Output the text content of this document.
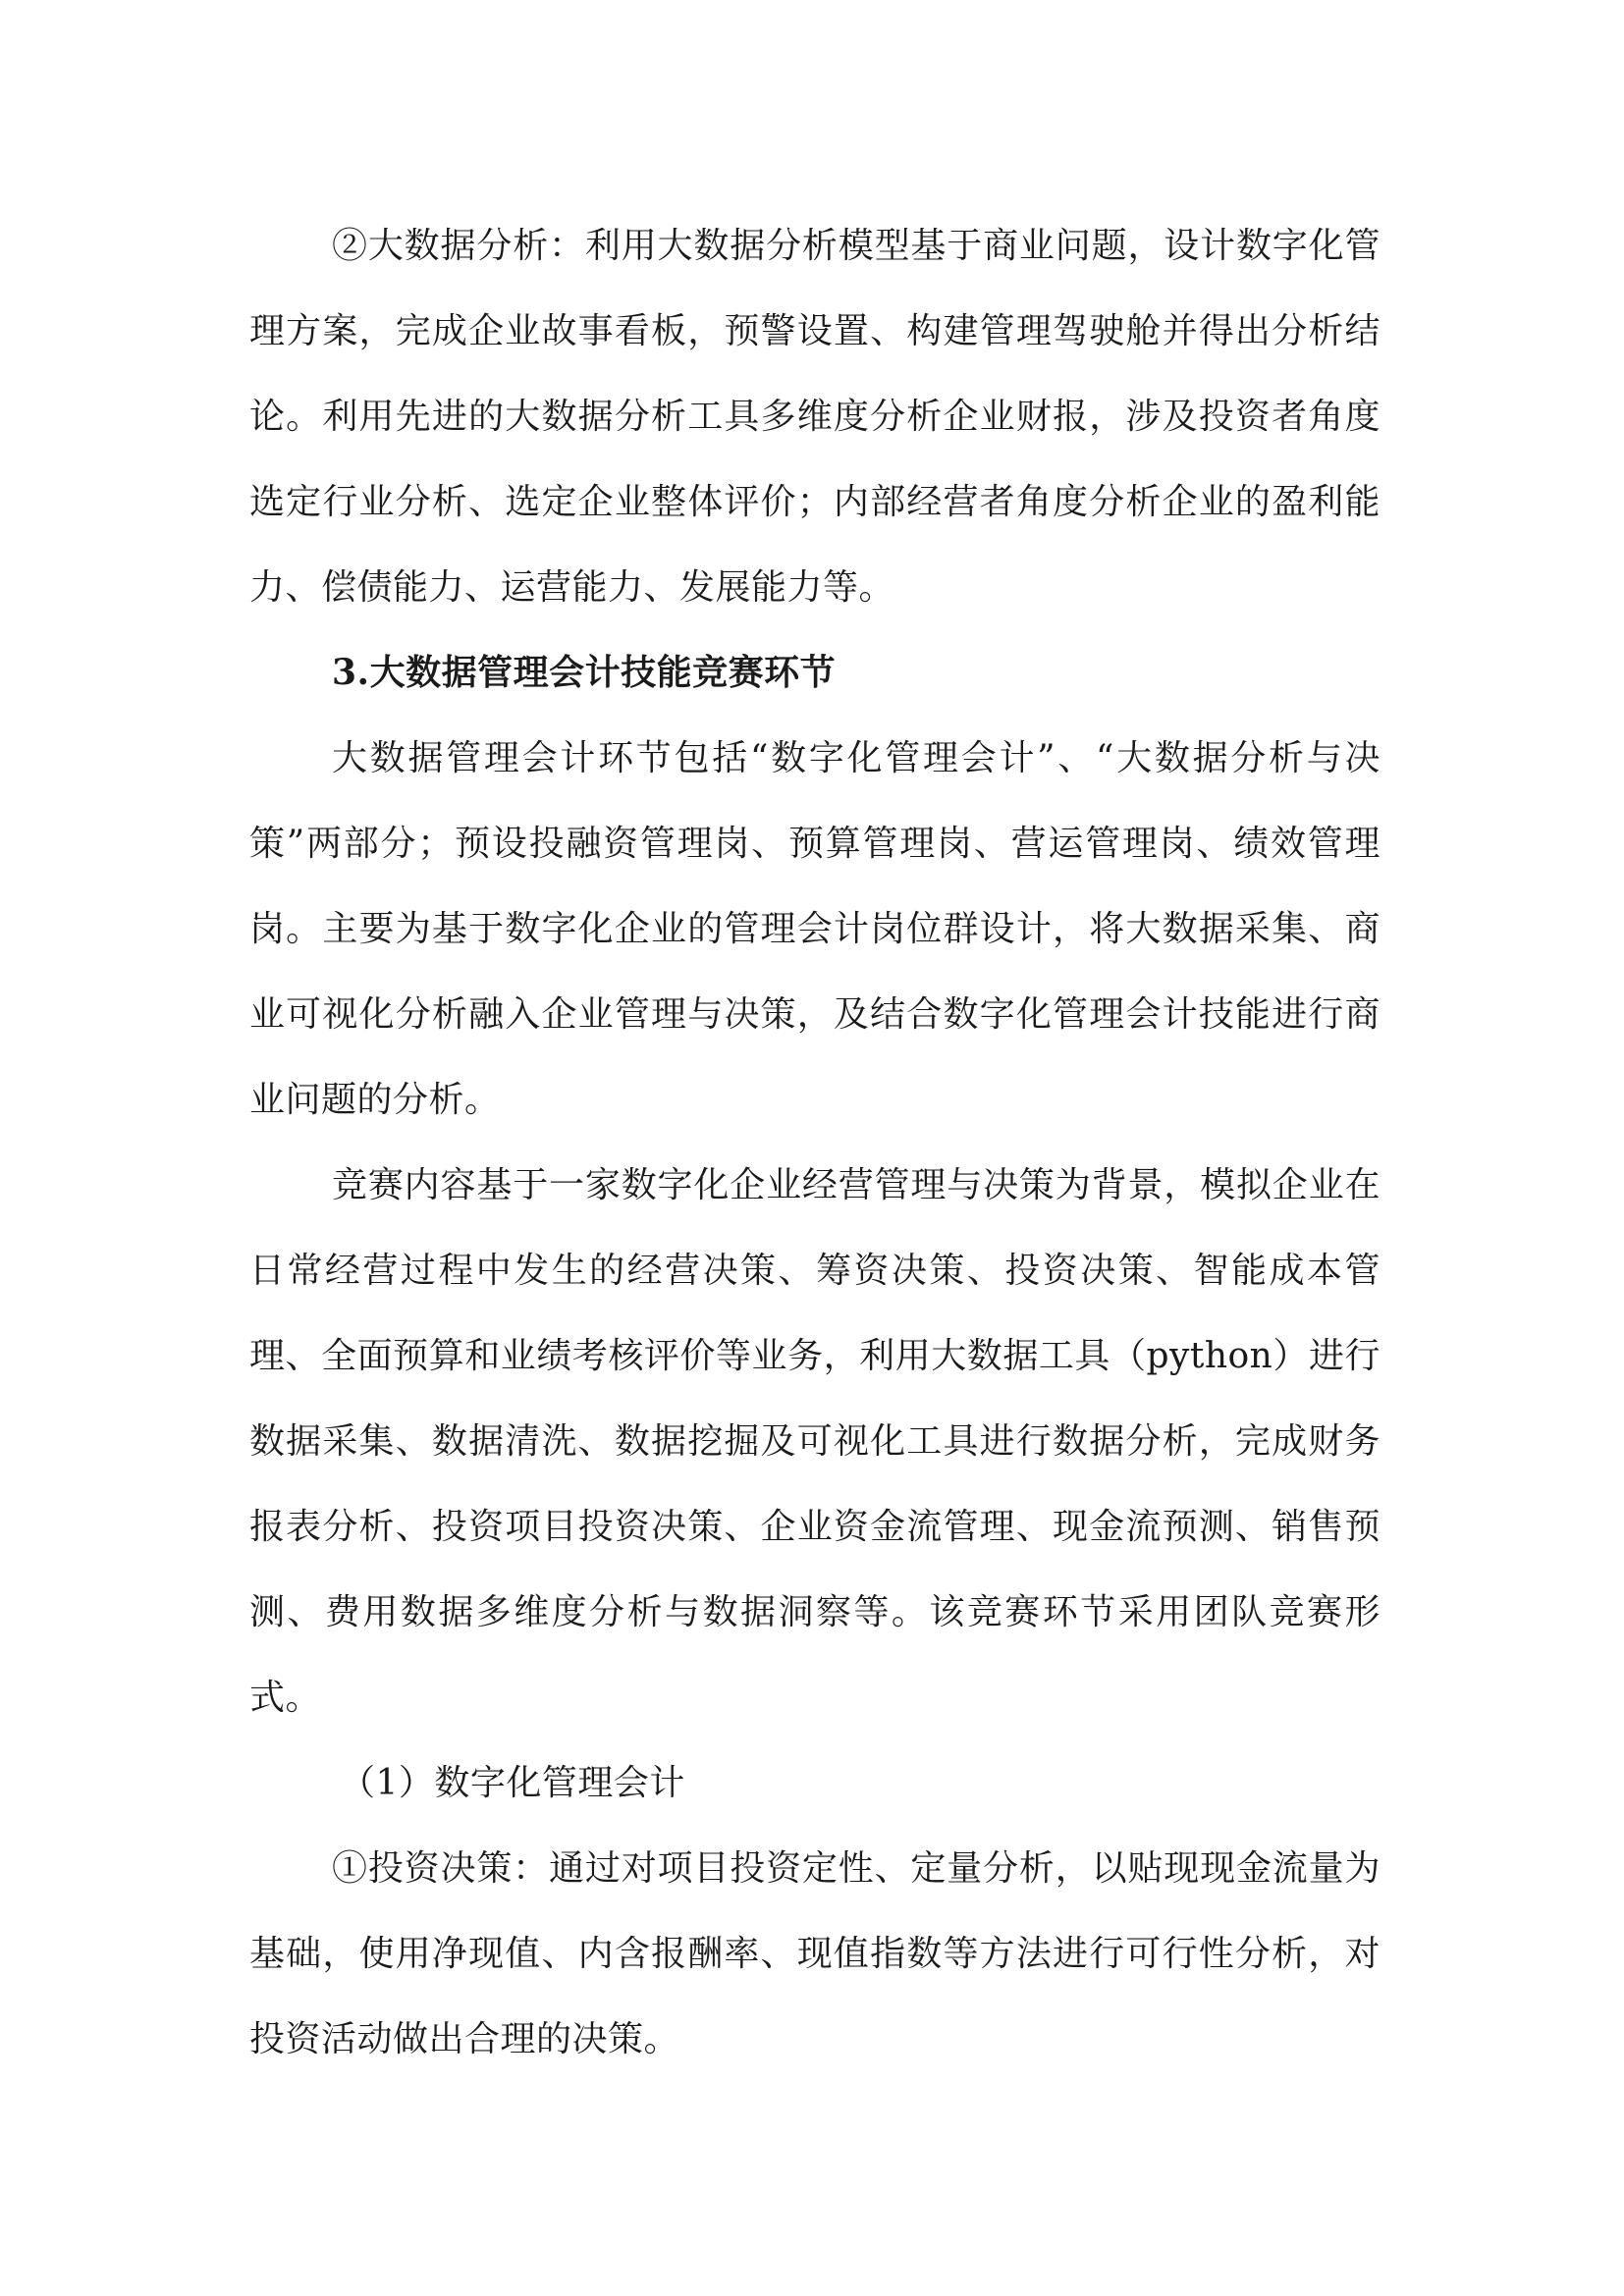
②大数据分析：利用大数据分析模型基于商业问题，设计数字化管理方案，完成企业故事看板，预警设置、构建管理驾驶舱并得出分析结论。利用先进的大数据分析工具多维度分析企业财报，涉及投资者角度选定行业分析、选定企业整体评价；内部经营者角度分析企业的盈利能力、偿债能力、运营能力、发展能力等。

3.大数据管理会计技能竞赛环节

大数据管理会计环节包括“数字化管理会计”、“大数据分析与决策”两部分；预设投融资管理岗、预算管理岗、营运管理岗、绩效管理岗。主要为基于数字化企业的管理会计岗位群设计，将大数据采集、商业可视化分析融入企业管理与决策，及结合数字化管理会计技能进行商业问题的分析。

竞赛内容基于一家数字化企业经营管理与决策为背景，模拟企业在日常经营过程中发生的经营决策、筹资决策、投资决策、智能成本管理、全面预算和业绩考核评价等业务，利用大数据工具（python）进行数据采集、数据清洗、数据挖掘及可视化工具进行数据分析，完成财务报表分析、投资项目投资决策、企业资金流管理、现金流预测、销售预测、费用数据多维度分析与数据洞察等。该竞赛环节采用团队竞赛形式。

（1）数字化管理会计

①投资决策：通过对项目投资定性、定量分析，以贴现现金流量为基础，使用净现值、内含报酬率、现值指数等方法进行可行性分析，对投资活动做出合理的决策。
